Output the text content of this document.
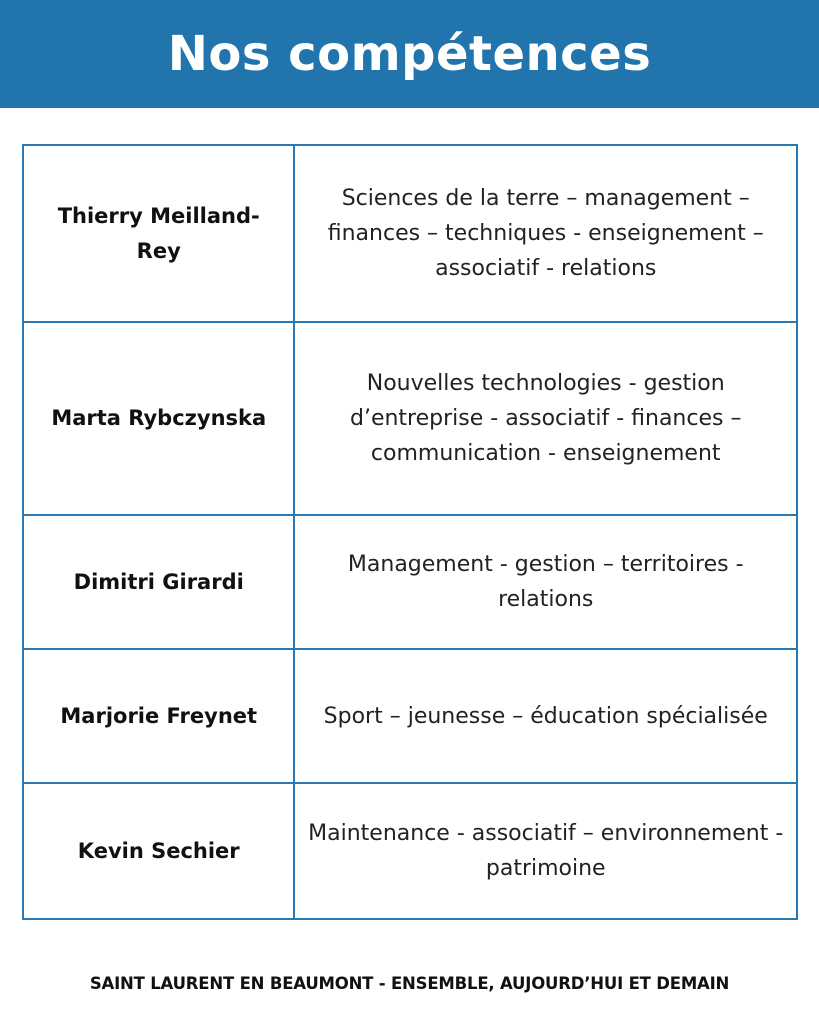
Nos compétences
Thierry Meilland-Rey	Sciences de la terre – management – finances – techniques - enseignement – associatif - relations
Marta Rybczynska	Nouvelles technologies - gestion d’entreprise - associatif - finances – communication - enseignement
Dimitri Girardi	Management - gestion – territoires - relations
Marjorie Freynet	Sport – jeunesse – éducation spécialisée
Kevin Sechier	Maintenance - associatif – environnement - patrimoine
SAINT LAURENT EN BEAUMONT - ENSEMBLE, AUJOURD’HUI ET DEMAIN
